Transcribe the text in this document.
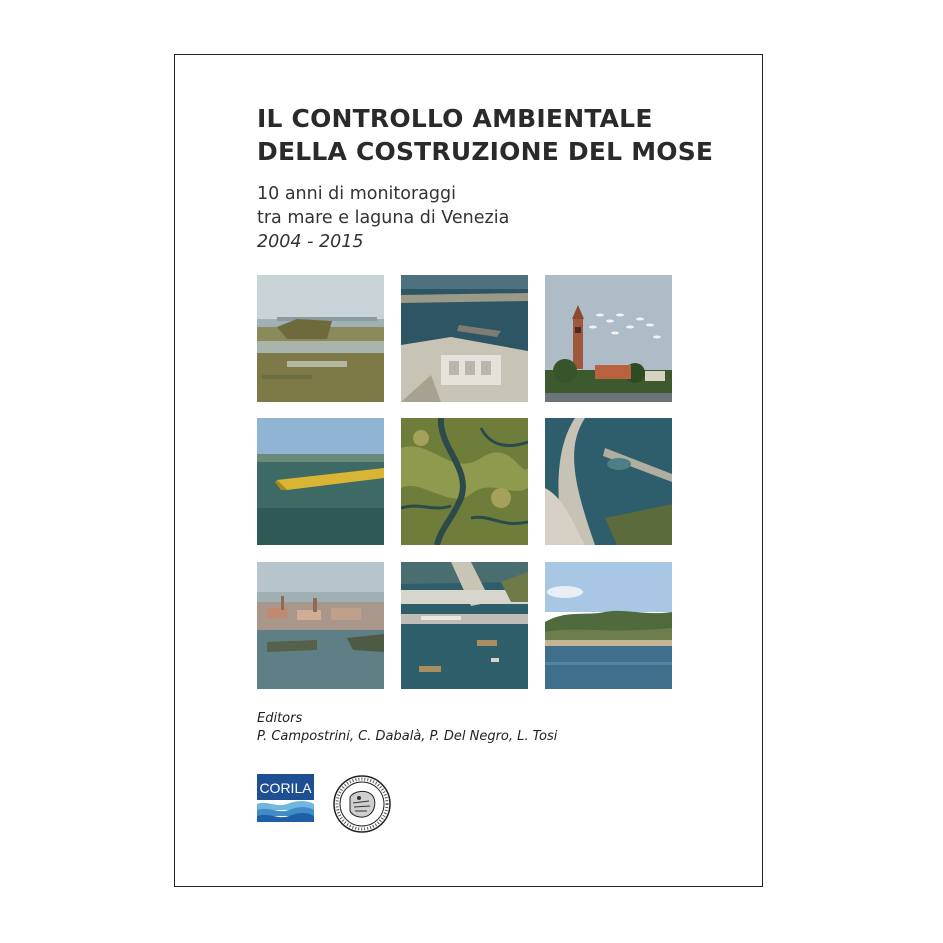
IL CONTROLLO AMBIENTALE
DELLA COSTRUZIONE DEL MOSE
10 anni di monitoraggi
tra mare e laguna di Venezia
2004 - 2015
Editors
P. Campostrini, C. Dabalà, P. Del Negro, L. Tosi
CORILA
